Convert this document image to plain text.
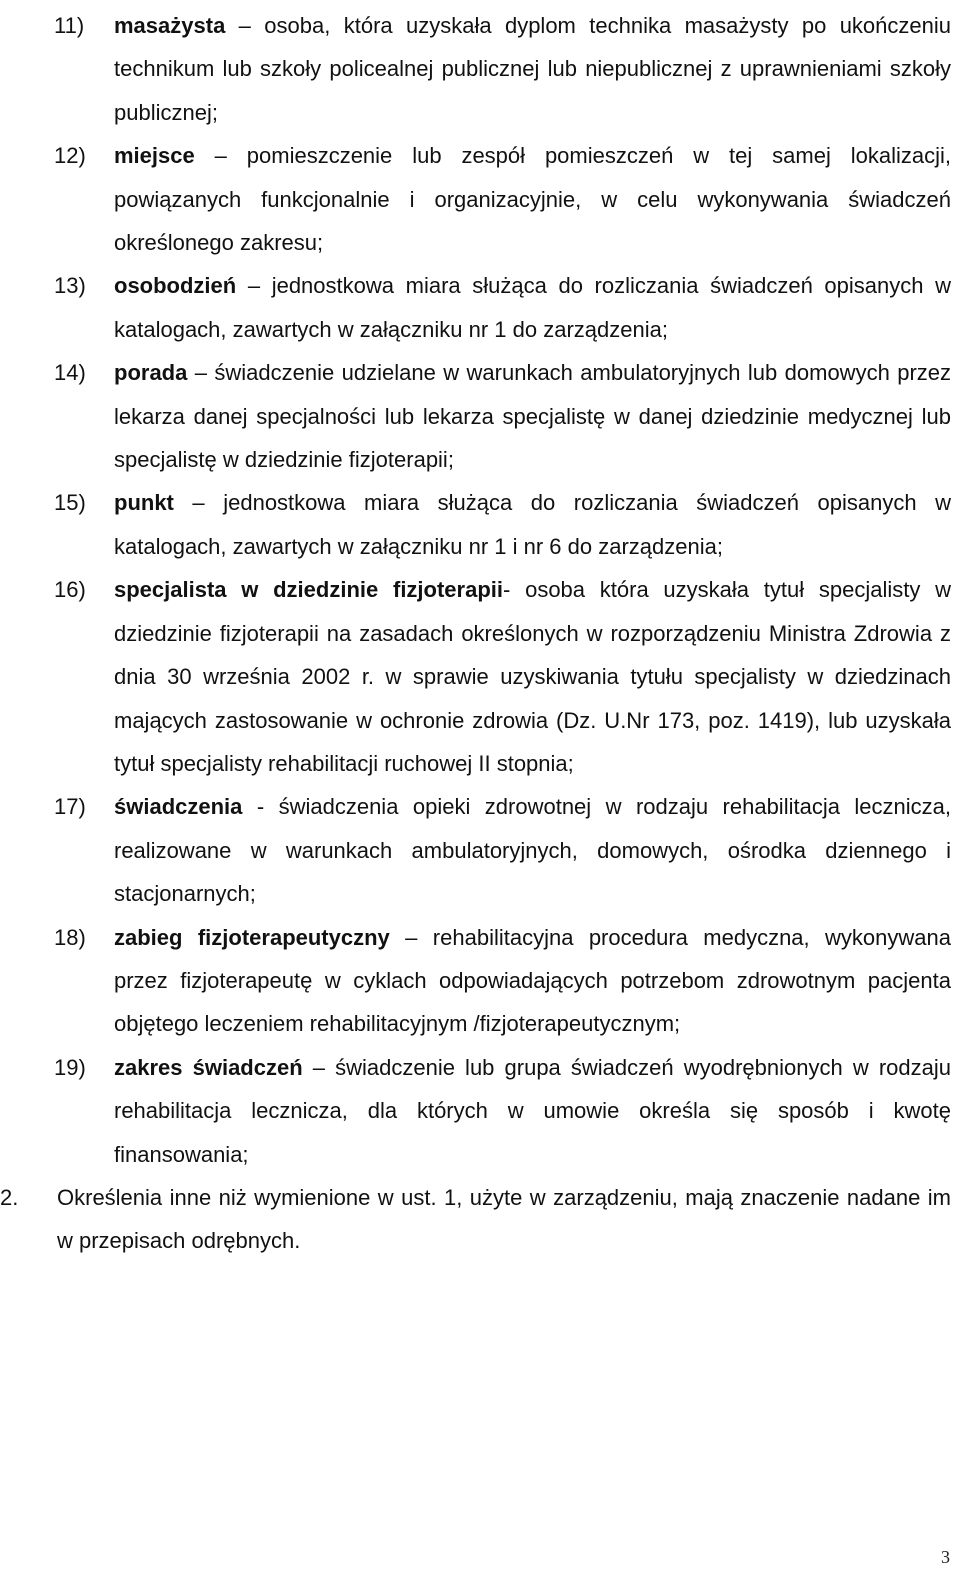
11) masażysta – osoba, która uzyskała dyplom technika masażysty po ukończeniu technikum lub szkoły policealnej publicznej lub niepublicznej z uprawnieniami szkoły publicznej;
12) miejsce – pomieszczenie lub zespół pomieszczeń w tej samej lokalizacji, powiązanych funkcjonalnie i organizacyjnie, w celu wykonywania świadczeń określonego zakresu;
13) osobodzień – jednostkowa miara służąca do rozliczania świadczeń opisanych w katalogach, zawartych w załączniku nr 1 do zarządzenia;
14) porada – świadczenie udzielane w warunkach ambulatoryjnych lub domowych przez lekarza danej specjalności lub lekarza specjalistę w danej dziedzinie medycznej lub specjalistę w dziedzinie fizjoterapii;
15) punkt – jednostkowa miara służąca do rozliczania świadczeń opisanych w katalogach, zawartych w załączniku nr 1 i nr 6 do zarządzenia;
16) specjalista w dziedzinie fizjoterapii- osoba która uzyskała tytuł specjalisty w dziedzinie fizjoterapii na zasadach określonych w rozporządzeniu Ministra Zdrowia z dnia 30 września 2002 r. w sprawie uzyskiwania tytułu specjalisty w dziedzinach mających zastosowanie w ochronie zdrowia (Dz. U.Nr 173, poz. 1419), lub uzyskała tytuł specjalisty rehabilitacji ruchowej II stopnia;
17) świadczenia - świadczenia opieki zdrowotnej w rodzaju rehabilitacja lecznicza, realizowane w warunkach ambulatoryjnych, domowych, ośrodka dziennego i stacjonarnych;
18) zabieg fizjoterapeutyczny – rehabilitacyjna procedura medyczna, wykonywana przez fizjoterapeutę w cyklach odpowiadających potrzebom zdrowotnym pacjenta objętego leczeniem rehabilitacyjnym /fizjoterapeutycznym;
19) zakres świadczeń – świadczenie lub grupa świadczeń wyodrębnionych w rodzaju rehabilitacja lecznicza, dla których w umowie określa się sposób i kwotę finansowania;
2. Określenia inne niż wymienione w ust. 1, użyte w zarządzeniu, mają znaczenie nadane im w przepisach odrębnych.
3
